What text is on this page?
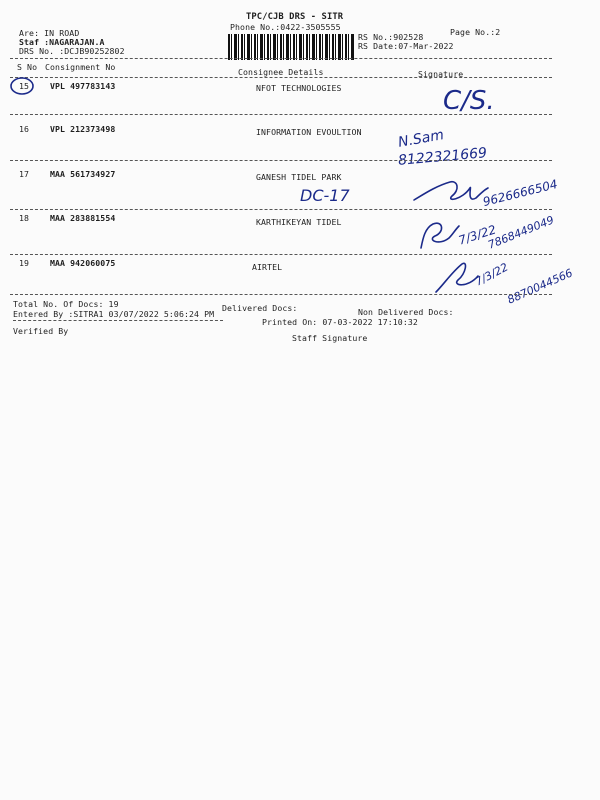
TPC/CJB DRS - SITR
Phone No.:0422-3505555	Page No.:2
Are: IN ROAD
Staf :NAGARAJAN.A
DRS No. :DCJB90252802
RS No.:902528
RS Date:07-Mar-2022
S No Consignment No	Consignee Details	Signature
15	VPL 497783143	NFOT TECHNOLOGIES	C/S.
16	VPL 212373498	INFORMATION EVOULTION	N.Sam
8122321669
17	MAA 561734927	GANESH TIDEL PARK
DC-17	9626666504
18	MAA 283881554	KARTHIKEYAN TIDEL
7/3/22
7868449049
19	MAA 942060075	AIRTEL	7/3/22
8870044566
Total No. Of Docs: 19	Delivered Docs:	Non Delivered Docs:
Entered By :SITRA1 03/07/2022 5:06:24 PM
Printed On: 07-03-2022 17:10:32
Verified By
Staff Signature
